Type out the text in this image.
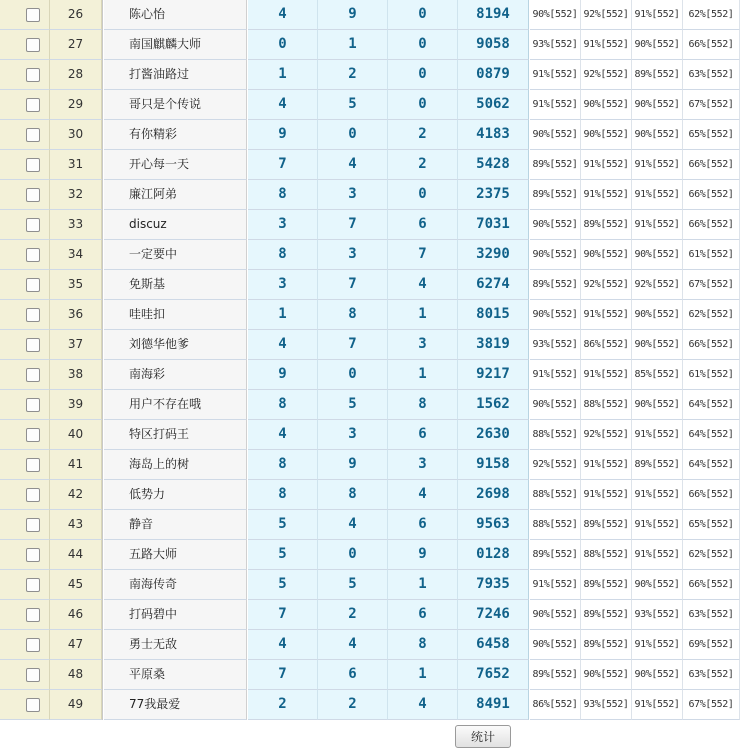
26	陈心怡	4	9	0	8194	90%[552] 92%[552] 91%[552] 62%[552]
27	南国麒麟大师	0	1	0	9058	93%[552] 91%[552] 90%[552] 66%[552]
28	打酱油路过	1	2	0	0879	91%[552] 92%[552] 89%[552] 63%[552]
29	哥只是个传说	4	5	0	5062	91%[552] 90%[552] 90%[552] 67%[552]
30	有你精彩	9	0	2	4183	90%[552] 90%[552] 90%[552] 65%[552]
31	开心每一天	7	4	2	5428	89%[552] 91%[552] 91%[552] 66%[552]
32	廉江阿弟	8	3	0	2375	89%[552] 91%[552] 91%[552] 66%[552]
33	discuz	3	7	6	7031	90%[552] 89%[552] 91%[552] 66%[552]
34	一定要中	8	3	7	3290	90%[552] 90%[552] 90%[552] 61%[552]
35	免斯基	3	7	4	6274	89%[552] 92%[552] 92%[552] 67%[552]
36	哇哇扣	1	8	1	8015	90%[552] 91%[552] 90%[552] 62%[552]
37	刘德华他爹	4	7	3	3819	93%[552] 86%[552] 90%[552] 66%[552]
38	南海彩	9	0	1	9217	91%[552] 91%[552] 85%[552] 61%[552]
39	用户不存在哦	8	5	8	1562	90%[552] 88%[552] 90%[552] 64%[552]
40	特区打码王	4	3	6	2630	88%[552] 92%[552] 91%[552] 64%[552]
41	海岛上的树	8	9	3	9158	92%[552] 91%[552] 89%[552] 64%[552]
42	低势力	8	8	4	2698	88%[552] 91%[552] 91%[552] 66%[552]
43	静音	5	4	6	9563	88%[552] 89%[552] 91%[552] 65%[552]
44	五路大师	5	0	9	0128	89%[552] 88%[552] 91%[552] 62%[552]
45	南海传奇	5	5	1	7935	91%[552] 89%[552] 90%[552] 66%[552]
46	打码碧中	7	2	6	7246	90%[552] 89%[552] 93%[552] 63%[552]
47	勇士无敌	4	4	8	6458	90%[552] 89%[552] 91%[552] 69%[552]
48	平原桑	7	6	1	7652	89%[552] 90%[552] 90%[552] 63%[552]
49	77我最爱	2	2	4	8491	86%[552] 93%[552] 91%[552] 67%[552]
统计
